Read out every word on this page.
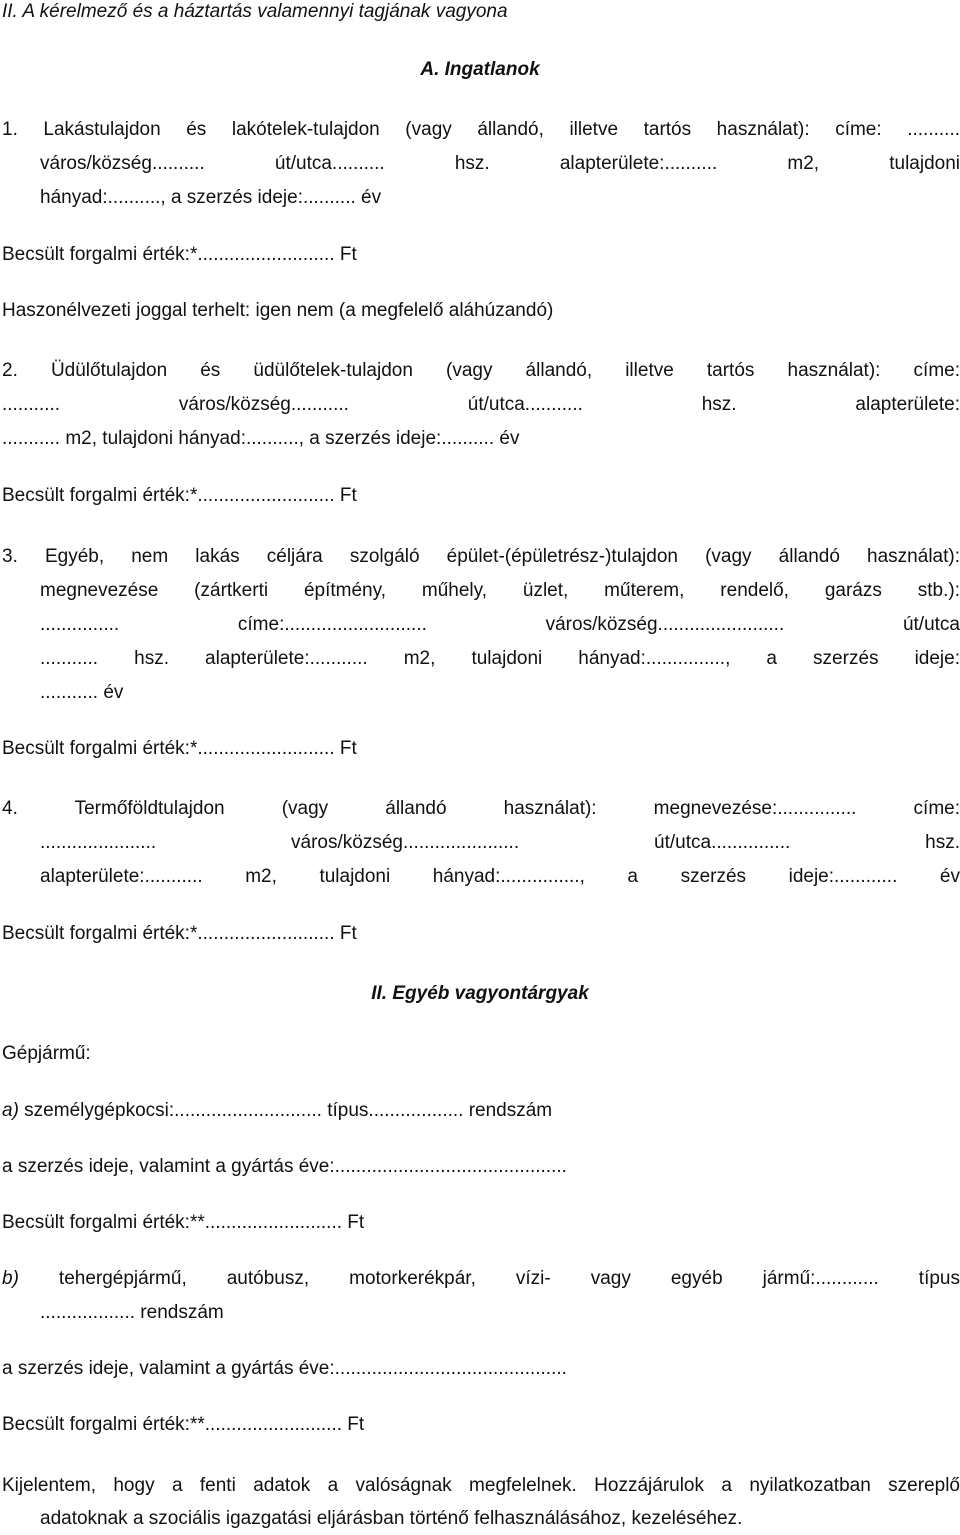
II. A kérelmező és a háztartás valamennyi tagjának vagyona
A. Ingatlanok
1. Lakástulajdon és lakótelek-tulajdon (vagy állandó, illetve tartós használat): címe: ..........
város/község.......... út/utca.......... hsz. alapterülete:.......... m2, tulajdoni
hányad:.........., a szerzés ideje:.......... év
Becsült forgalmi érték:*.......................... Ft
Haszonélvezeti joggal terhelt: igen nem (a megfelelő aláhúzandó)
2. Üdülőtulajdon és üdülőtelek-tulajdon (vagy állandó, illetve tartós használat): címe:
........... város/község........... út/utca........... hsz. alapterülete:
........... m2, tulajdoni hányad:.........., a szerzés ideje:.......... év
Becsült forgalmi érték:*.......................... Ft
3. Egyéb, nem lakás céljára szolgáló épület-(épületrész-)tulajdon (vagy állandó használat):
megnevezése (zártkerti építmény, műhely, üzlet, műterem, rendelő, garázs stb.):
............... címe:........................... város/község........................ út/utca
........... hsz. alapterülete:........... m2, tulajdoni hányad:..............., a szerzés ideje:
........... év
Becsült forgalmi érték:*.......................... Ft
4. Termőföldtulajdon (vagy állandó használat): megnevezése:............... címe:
...................... város/község...................... út/utca............... hsz.
alapterülete:........... m2, tulajdoni hányad:..............., a szerzés ideje:............ év
Becsült forgalmi érték:*.......................... Ft
II. Egyéb vagyontárgyak
Gépjármű:
a) személygépkocsi:............................ típus.................. rendszám
a szerzés ideje, valamint a gyártás éve:............................................
Becsült forgalmi érték:**.......................... Ft
b) tehergépjármű, autóbusz, motorkerékpár, vízi- vagy egyéb jármű:............ típus
.................. rendszám
a szerzés ideje, valamint a gyártás éve:............................................
Becsült forgalmi érték:**.......................... Ft
Kijelentem, hogy a fenti adatok a valóságnak megfelelnek. Hozzájárulok a nyilatkozatban szereplő
adatoknak a szociális igazgatási eljárásban történő felhasználásához, kezeléséhez.
